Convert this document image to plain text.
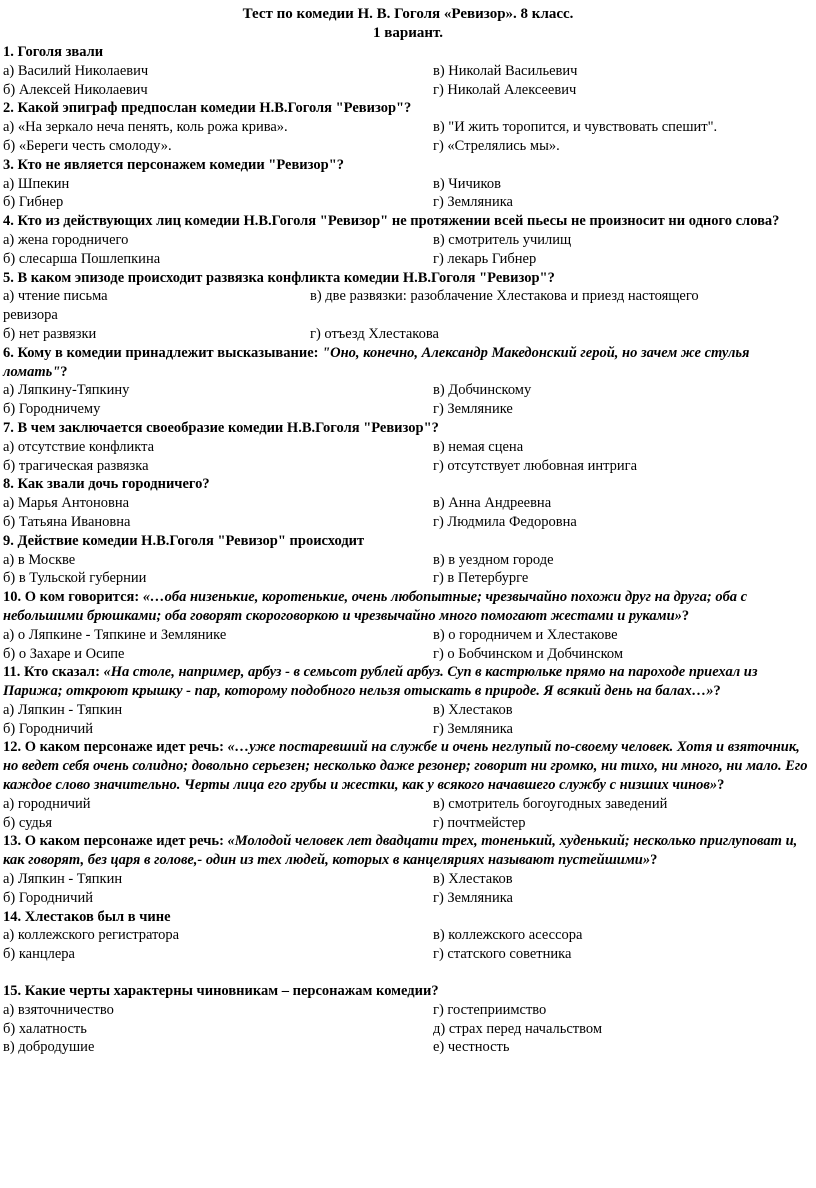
Тест по комедии Н. В. Гоголя «Ревизор». 8 класс.
1 вариант.
1. Гоголя звали
а) Василий Николаевич	в) Николай Васильевич
б) Алексей Николаевич	г) Николай Алексеевич
2. Какой эпиграф предпослан комедии Н.В.Гоголя "Ревизор"?
а) «На зеркало неча пенять, коль рожа крива».	в) "И жить торопится, и чувствовать спешит".
б) «Береги честь смолоду».	г) «Стрелялись мы».
3. Кто не является персонажем комедии "Ревизор"?
а) Шпекин	в) Чичиков
б) Гибнер	г) Земляника
4. Кто из действующих лиц комедии Н.В.Гоголя "Ревизор" не протяжении всей пьесы не произносит ни одного слова?
а) жена городничего	в) смотритель училищ
б) слесарша Пошлепкина	г) лекарь Гибнер
5. В каком эпизоде происходит развязка конфликта комедии Н.В.Гоголя "Ревизор"?
а) чтение письма	в) две развязки: разоблачение Хлестакова и приезд настоящего
ревизора
б) нет развязки	г) отъезд Хлестакова
6. Кому в комедии принадлежит высказывание: "Оно, конечно, Александр Македонский герой, но зачем же стулья ломать"?
а) Ляпкину-Тяпкину	в) Добчинскому
б) Городничему	г) Землянике
7. В чем заключается своеобразие комедии Н.В.Гоголя "Ревизор"?
а) отсутствие конфликта	в) немая сцена
б) трагическая развязка	г) отсутствует любовная интрига
8. Как звали дочь городничего?
а) Марья Антоновна	в) Анна Андреевна
б) Татьяна Ивановна	г) Людмила Федоровна
9. Действие комедии Н.В.Гоголя "Ревизор" происходит
а) в Москве	в) в уездном городе
б) в Тульской губернии	г) в Петербурге
10. О ком говорится: «…оба низенькие, коротенькие, очень любопытные; чрезвычайно похожи друг на друга; оба с небольшими брюшками; оба говорят скороговоркою и чрезвычайно много помогают жестами и руками»?
а) о Ляпкине - Тяпкине и Землянике	в) о городничем и Хлестакове
б) о Захаре и Осипе	г) о Бобчинском и Добчинском
11. Кто сказал: «На столе, например, арбуз - в семьсот рублей арбуз. Суп в кастрюльке прямо на пароходе приехал из Парижа; откроют крышку - пар, которому подобного нельзя отыскать в природе. Я всякий день на балах…»?
а) Ляпкин - Тяпкин	в) Хлестаков
б) Городничий	г) Земляника
12. О каком персонаже идет речь: «…уже постаревший на службе и очень неглупый по-своему человек. Хотя и взяточник, но ведет себя очень солидно; довольно серьезен; несколько даже резонер; говорит ни громко, ни тихо, ни много, ни мало. Его каждое слово значительно. Черты лица его грубы и жестки, как у всякого начавшего службу с низших чинов»?
а) городничий	в) смотритель богоугодных заведений
б) судья	г) почтмейстер
13. О каком персонаже идет речь: «Молодой человек лет двадцати трех, тоненький, худенький; несколько приглуповат и, как говорят, без царя в голове,- один из тех людей, которых в канцеляриях называют пустейшими»?
а) Ляпкин - Тяпкин	в) Хлестаков
б) Городничий	г) Земляника
14. Хлестаков был в чине
а) коллежского регистратора	в) коллежского асессора
б) канцлера	г) статского советника
15. Какие черты характерны чиновникам – персонажам комедии?
а) взяточничество	г) гостеприимство
б) халатность	д) страх перед начальством
в) добродушие	е) честность
